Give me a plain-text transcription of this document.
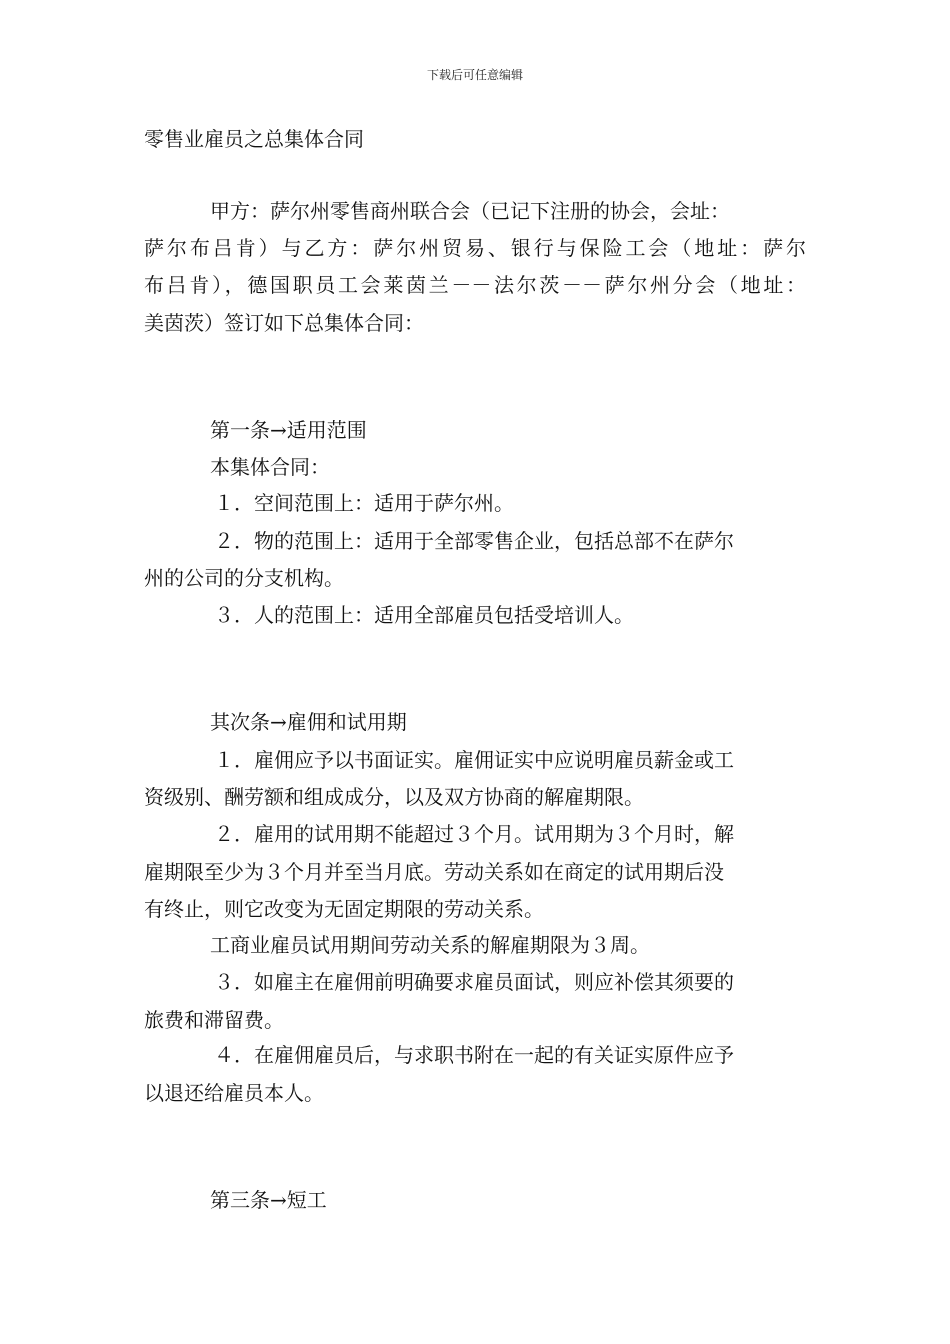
下载后可任意编辑
零售业雇员之总集体合同
甲方：萨尔州零售商州联合会（已记下注册的协会，会址：
萨尔布吕肯）与乙方：萨尔州贸易、银行与保险工会（地址：萨尔
布吕肯），德国职员工会莱茵兰－－法尔茨－－萨尔州分会（地址：
美茵茨）签订如下总集体合同：
第一条→适用范围
本集体合同：
１．空间范围上：适用于萨尔州。
２．物的范围上：适用于全部零售企业，包括总部不在萨尔
州的公司的分支机构。
３．人的范围上：适用全部雇员包括受培训人。
其次条→雇佣和试用期
１．雇佣应予以书面证实。雇佣证实中应说明雇员薪金或工
资级别、酬劳额和组成成分，以及双方协商的解雇期限。
２．雇用的试用期不能超过３个月。试用期为３个月时，解
雇期限至少为３个月并至当月底。劳动关系如在商定的试用期后没
有终止，则它改变为无固定期限的劳动关系。
工商业雇员试用期间劳动关系的解雇期限为３周。
３．如雇主在雇佣前明确要求雇员面试，则应补偿其须要的
旅费和滞留费。
４．在雇佣雇员后，与求职书附在一起的有关证实原件应予
以退还给雇员本人。
第三条→短工
